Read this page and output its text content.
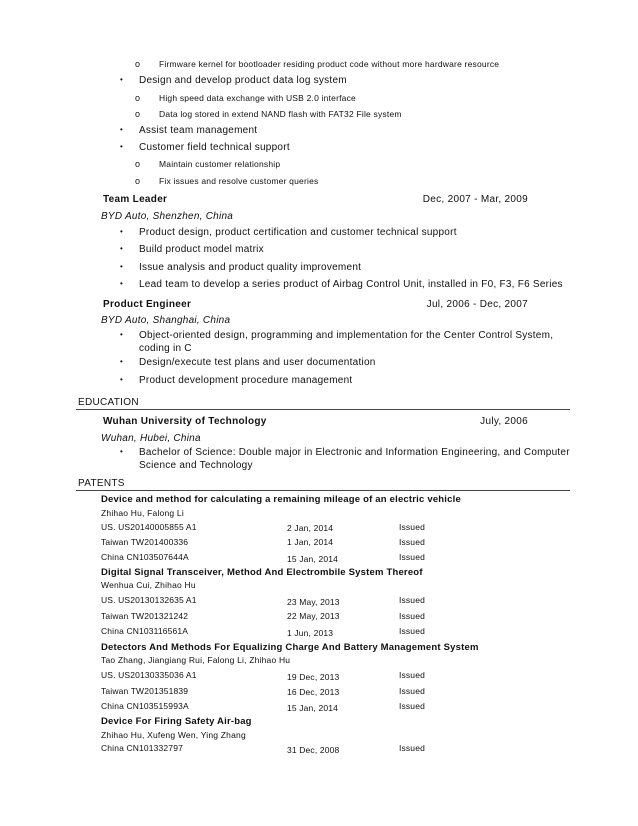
o Firmware kernel for bootloader residing product code without more hardware resource
• Design and develop product data log system
o High speed data exchange with USB 2.0 interface
o Data log stored in extend NAND flash with FAT32 File system
• Assist team management
• Customer field technical support
o Maintain customer relationship
o Fix issues and resolve customer queries
Team Leader	Dec, 2007 - Mar, 2009
BYD Auto, Shenzhen, China
• Product design, product certification and customer technical support
• Build product model matrix
• Issue analysis and product quality improvement
• Lead team to develop a series product of Airbag Control Unit, installed in F0, F3, F6 Series
Product Engineer	Jul, 2006 - Dec, 2007
BYD Auto, Shanghai, China
• Object-oriented design, programming and implementation for the Center Control System,
coding in C
• Design/execute test plans and user documentation
• Product development procedure management
EDUCATION
Wuhan University of Technology	July, 2006
Wuhan, Hubei, China
• Bachelor of Science: Double major in Electronic and Information Engineering, and Computer
Science and Technology
PATENTS
Device and method for calculating a remaining mileage of an electric vehicle
Zhihao Hu, Falong Li
US. US20140005855 A1	2 Jan, 2014	Issued
Taiwan TW201400336	1 Jan, 2014	Issued
China CN103507644A	15 Jan, 2014	Issued
Digital Signal Transceiver, Method And Electrombile System Thereof
Wenhua Cui, Zhihao Hu
US. US20130132635 A1	23 May, 2013	Issued
Taiwan TW201321242	22 May, 2013	Issued
China CN103116561A	1 Jun, 2013	Issued
Detectors And Methods For Equalizing Charge And Battery Management System
Tao Zhang, Jiangiang Rui, Falong Li, Zhihao Hu
US. US20130335036 A1	19 Dec, 2013	Issued
Taiwan TW201351839	16 Dec, 2013	Issued
China CN103515993A	15 Jan, 2014	Issued
Device For Firing Safety Air-bag
Zhihao Hu, Xufeng Wen, Ying Zhang
China CN101332797	31 Dec, 2008	Issued
